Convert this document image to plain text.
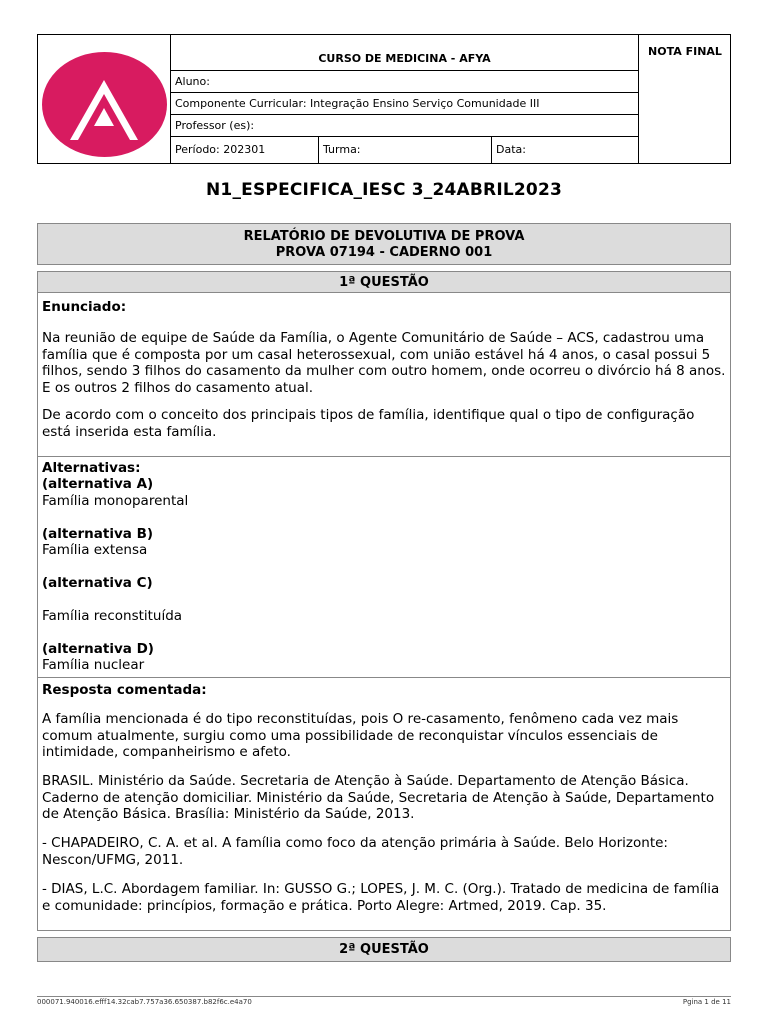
CURSO DE MEDICINA - AFYA
Aluno:
Componente Curricular: Integração Ensino Serviço Comunidade III
Professor (es):
Período: 202301	Turma:	Data:
NOTA FINAL
N1_ESPECIFICA_IESC 3_24ABRIL2023
RELATÓRIO DE DEVOLUTIVA DE PROVA
PROVA 07194 - CADERNO 001
1ª QUESTÃO

Enunciado:

Na reunião de equipe de Saúde da Família, o Agente Comunitário de Saúde – ACS, cadastrou uma família que é composta por um casal heterossexual, com união estável há 4 anos, o casal possui 5 filhos, sendo 3 filhos do casamento da mulher com outro homem, onde ocorreu o divórcio há 8 anos. E os outros 2 filhos do casamento atual.

De acordo com o conceito dos principais tipos de família, identifique qual o tipo de configuração está inserida esta família.

Alternativas:

(alternativa A)

Família monoparental

(alternativa B)

Família extensa

(alternativa C)

Família reconstituída

(alternativa D)

Família nuclear

Resposta comentada:

A família mencionada é do tipo reconstituídas, pois O re-casamento, fenômeno cada vez mais comum atualmente, surgiu como uma possibilidade de reconquistar vínculos essenciais de intimidade, companheirismo e afeto.

BRASIL. Ministério da Saúde. Secretaria de Atenção à Saúde. Departamento de Atenção Básica. Caderno de atenção domiciliar. Ministério da Saúde, Secretaria de Atenção à Saúde, Departamento de Atenção Básica. Brasília: Ministério da Saúde, 2013.

- CHAPADEIRO, C. A. et al. A família como foco da atenção primária à Saúde. Belo Horizonte: Nescon/UFMG, 2011.

- DIAS, L.C. Abordagem familiar. In: GUSSO G.; LOPES, J. M. C. (Org.). Tratado de medicina de família e comunidade: princípios, formação e prática. Porto Alegre: Artmed, 2019. Cap. 35.

2ª QUESTÃO
000071.940016.efff14.32cab7.757a36.650387.b82f6c.e4a70	Pgina 1 de 11
